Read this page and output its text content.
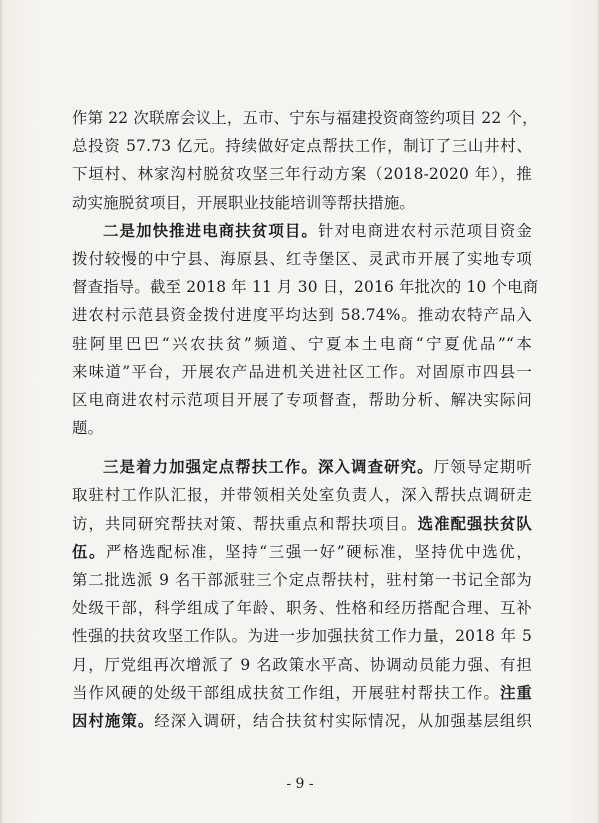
作第 22 次联席会议上，五市、宁东与福建投资商签约项目 22 个，
总投资 57.73 亿元。持续做好定点帮扶工作，制订了三山井村、
下垣村、林家沟村脱贫攻坚三年行动方案（2018-2020 年），推
动实施脱贫项目，开展职业技能培训等帮扶措施。
二是加快推进电商扶贫项目。针对电商进农村示范项目资金
拨付较慢的中宁县、海原县、红寺堡区、灵武市开展了实地专项
督查指导。截至 2018 年 11 月 30 日，2016 年批次的 10 个电商
进农村示范县资金拨付进度平均达到 58.74%。推动农特产品入
驻阿里巴巴“兴农扶贫”频道、宁夏本土电商“宁夏优品”“本
来味道”平台，开展农产品进机关进社区工作。对固原市四县一
区电商进农村示范项目开展了专项督查，帮助分析、解决实际问
题。
三是着力加强定点帮扶工作。深入调查研究。厅领导定期听
取驻村工作队汇报，并带领相关处室负责人，深入帮扶点调研走
访，共同研究帮扶对策、帮扶重点和帮扶项目。选准配强扶贫队
伍。严格选配标准，坚持“三强一好”硬标准，坚持优中选优，
第二批选派 9 名干部派驻三个定点帮扶村，驻村第一书记全部为
处级干部，科学组成了年龄、职务、性格和经历搭配合理、互补
性强的扶贫攻坚工作队。为进一步加强扶贫工作力量，2018 年 5
月，厅党组再次增派了 9 名政策水平高、协调动员能力强、有担
当作风硬的处级干部组成扶贫工作组，开展驻村帮扶工作。注重
因村施策。经深入调研，结合扶贫村实际情况，从加强基层组织
- 9 -
